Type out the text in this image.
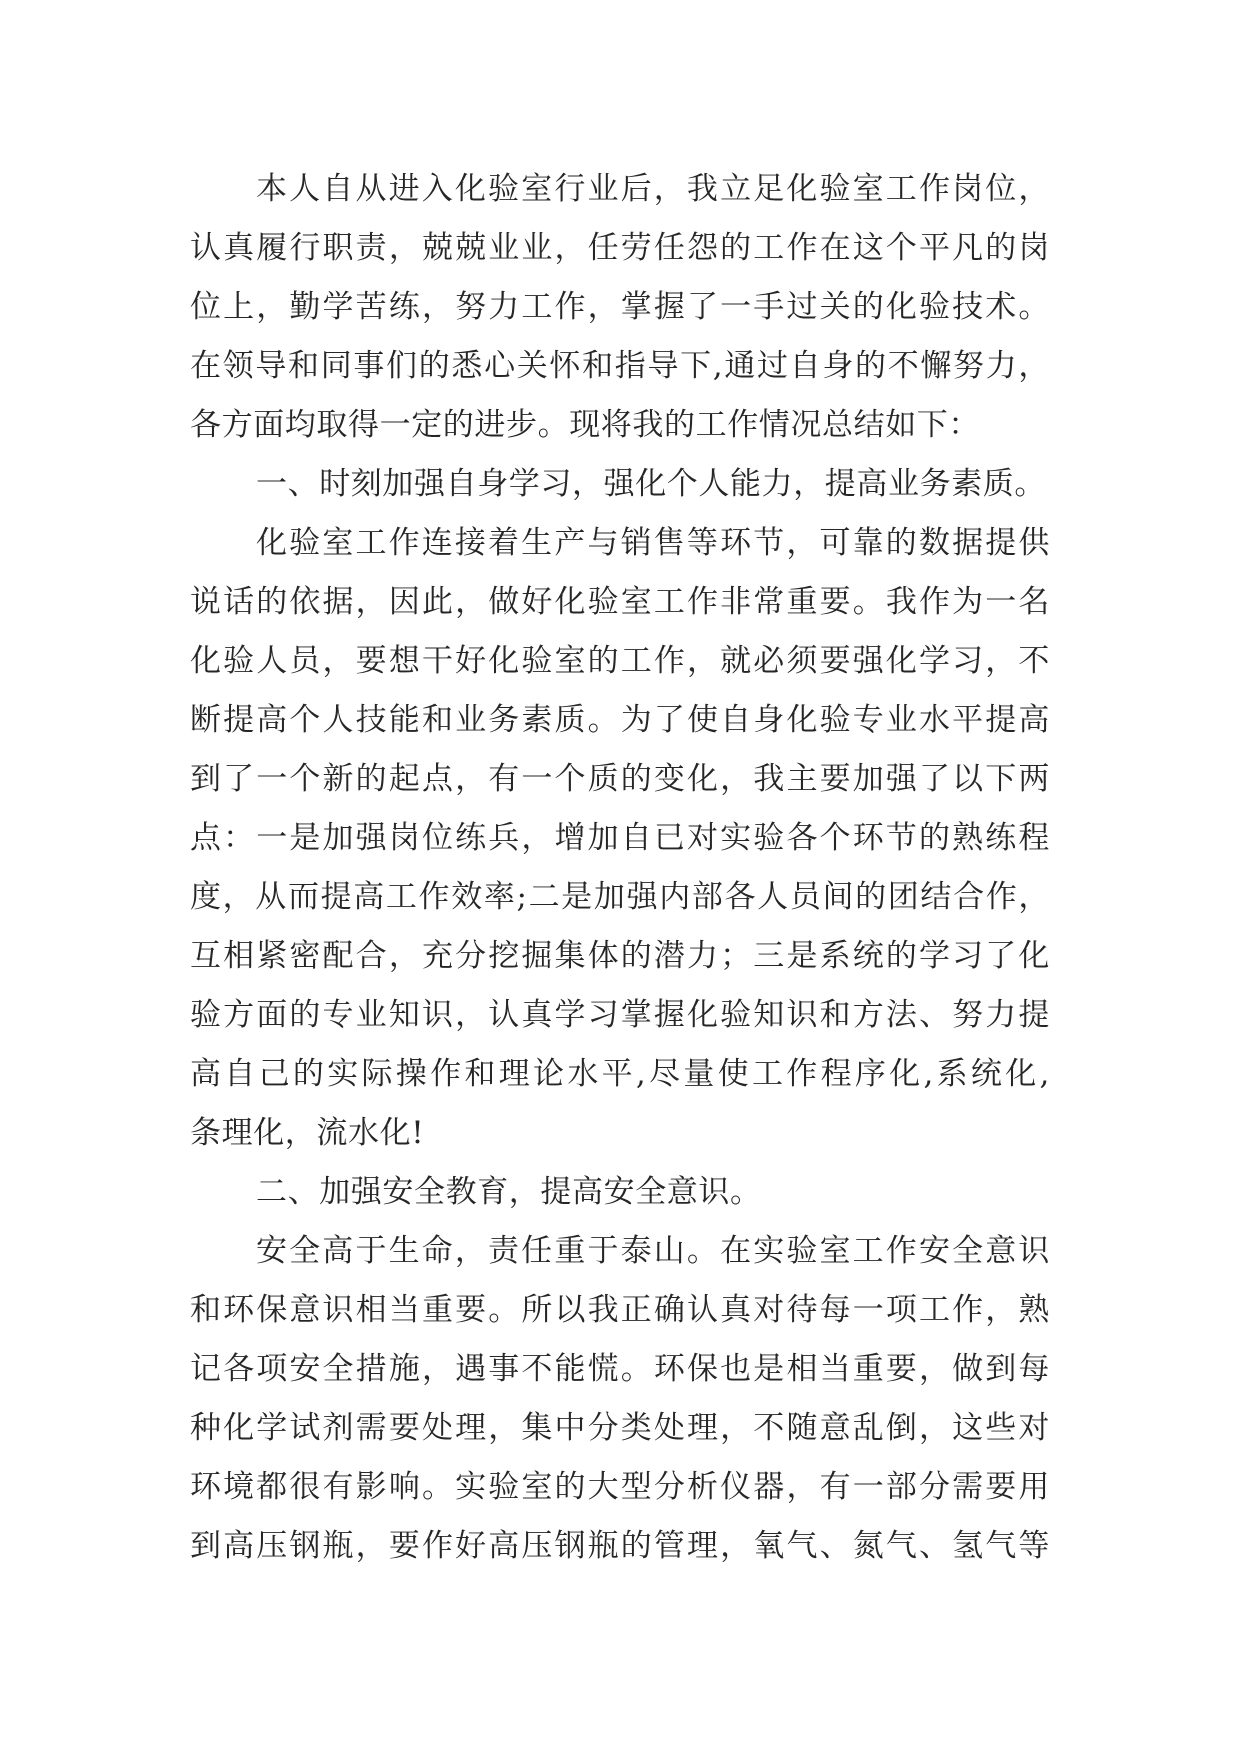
本人自从进入化验室行业后，我立足化验室工作岗位，
认真履行职责，兢兢业业，任劳任怨的工作在这个平凡的岗
位上，勤学苦练，努力工作，掌握了一手过关的化验技术。
在领导和同事们的悉心关怀和指导下,通过自身的不懈努力，
各方面均取得一定的进步。现将我的工作情况总结如下：
一、时刻加强自身学习，强化个人能力，提高业务素质。
化验室工作连接着生产与销售等环节，可靠的数据提供
说话的依据，因此，做好化验室工作非常重要。我作为一名
化验人员，要想干好化验室的工作，就必须要强化学习，不
断提高个人技能和业务素质。为了使自身化验专业水平提高
到了一个新的起点，有一个质的变化，我主要加强了以下两
点：一是加强岗位练兵，增加自已对实验各个环节的熟练程
度，从而提高工作效率;二是加强内部各人员间的团结合作，
互相紧密配合，充分挖掘集体的潜力；三是系统的学习了化
验方面的专业知识，认真学习掌握化验知识和方法、努力提
高自己的实际操作和理论水平,尽量使工作程序化,系统化,
条理化，流水化!
二、加强安全教育，提高安全意识。
安全高于生命，责任重于泰山。在实验室工作安全意识
和环保意识相当重要。所以我正确认真对待每一项工作，熟
记各项安全措施，遇事不能慌。环保也是相当重要，做到每
种化学试剂需要处理，集中分类处理，不随意乱倒，这些对
环境都很有影响。实验室的大型分析仪器，有一部分需要用
到高压钢瓶，要作好高压钢瓶的管理，氧气、氮气、氢气等
